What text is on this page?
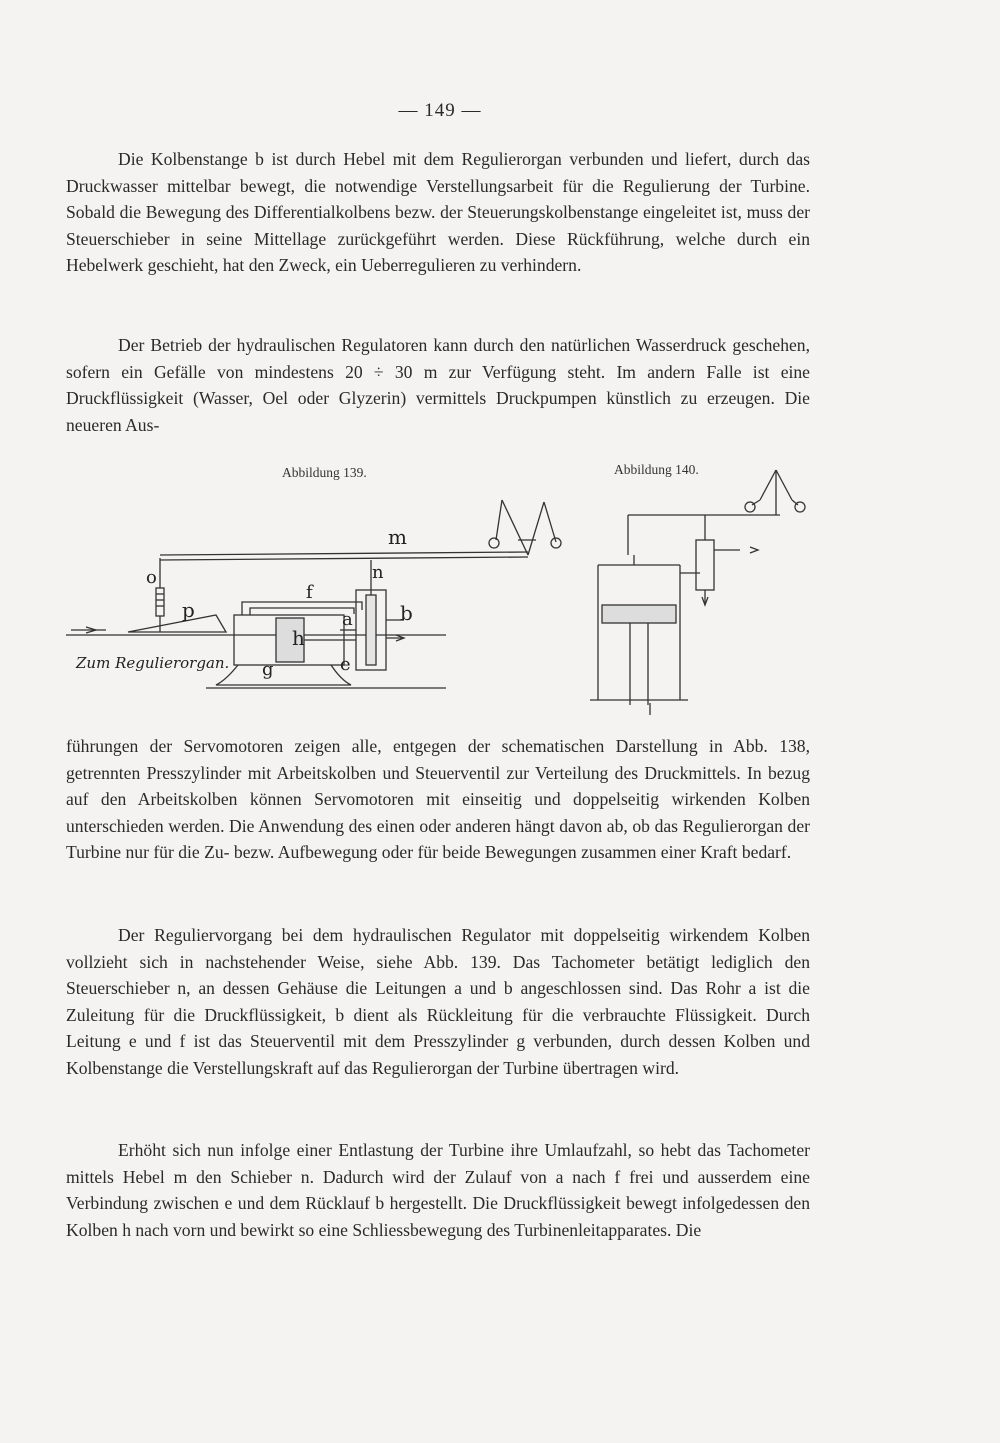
— 149 —

Die Kolbenstange b ist durch Hebel mit dem Regulierorgan verbunden und liefert, durch das Druckwasser mittelbar bewegt, die notwendige Verstellungsarbeit für die Regulierung der Turbine. Sobald die Bewegung des Differentialkolbens bezw. der Steuerungskolbenstange eingeleitet ist, muss der Steuerschieber in seine Mittellage zurückgeführt werden. Diese Rückführung, welche durch ein Hebelwerk geschieht, hat den Zweck, ein Ueberregulieren zu verhindern.

Der Betrieb der hydraulischen Regulatoren kann durch den natürlichen Wasserdruck geschehen, sofern ein Gefälle von mindestens 20 ÷ 30 m zur Verfügung steht. Im andern Falle ist eine Druckflüssigkeit (Wasser, Oel oder Glyzerin) vermittels Druckpumpen künstlich zu erzeugen. Die neueren Aus-

Abbildung 139.	Abbildung 140.
m
o	n
f
p	a b
h
g	e
Zum Regulierorgan.

führungen der Servomotoren zeigen alle, entgegen der schematischen Darstellung in Abb. 138, getrennten Presszylinder mit Arbeitskolben und Steuerventil zur Verteilung des Druckmittels. In bezug auf den Arbeitskolben können Servomotoren mit einseitig und doppelseitig wirkenden Kolben unterschieden werden. Die Anwendung des einen oder anderen hängt davon ab, ob das Regulierorgan der Turbine nur für die Zu- bezw. Aufbewegung oder für beide Bewegungen zusammen einer Kraft bedarf.

Der Reguliervorgang bei dem hydraulischen Regulator mit doppelseitig wirkendem Kolben vollzieht sich in nachstehender Weise, siehe Abb. 139. Das Tachometer betätigt lediglich den Steuerschieber n, an dessen Gehäuse die Leitungen a und b angeschlossen sind. Das Rohr a ist die Zuleitung für die Druckflüssigkeit, b dient als Rückleitung für die verbrauchte Flüssigkeit. Durch Leitung e und f ist das Steuerventil mit dem Presszylinder g verbunden, durch dessen Kolben und Kolbenstange die Verstellungskraft auf das Regulierorgan der Turbine übertragen wird.

Erhöht sich nun infolge einer Entlastung der Turbine ihre Umlaufzahl, so hebt das Tachometer mittels Hebel m den Schieber n. Dadurch wird der Zulauf von a nach f frei und ausserdem eine Verbindung zwischen e und dem Rücklauf b hergestellt. Die Druckflüssigkeit bewegt infolgedessen den Kolben h nach vorn und bewirkt so eine Schliessbewegung des Turbinenleitapparates. Die
